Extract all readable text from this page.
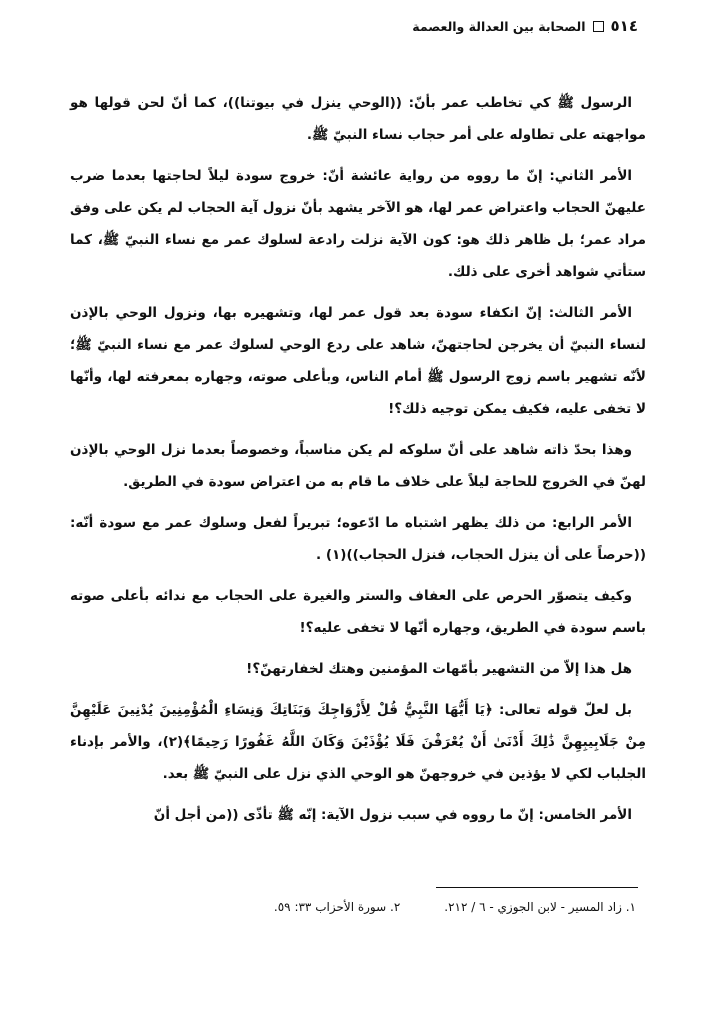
٥١٤
الصحابة بين العدالة والعصمة

الرسول ﷺ كي تخاطب عمر بأنّ: ((الوحي ينزل في بيوتنا))، كما أنّ لحن قولها هو مواجهته على تطاوله على أمر حجاب نساء النبيّ ﷺ.

الأمر الثاني: إنّ ما رووه من رواية عائشة أنّ: خروج سودة ليلاً لحاجتها بعدما ضرب عليهنّ الحجاب واعتراض عمر لها، هو الآخر يشهد بأنّ نزول آية الحجاب لم يكن على وفق مراد عمر؛ بل ظاهر ذلك هو: كون الآية نزلت رادعة لسلوك عمر مع نساء النبيّ ﷺ، كما ستأتي شواهد أخرى على ذلك.

الأمر الثالث: إنّ انكفاء سودة بعد قول عمر لها، وتشهيره بها، ونزول الوحي بالإذن لنساء النبيّ أن يخرجن لحاجتهنّ، شاهد على ردع الوحي لسلوك عمر مع نساء النبيّ ﷺ؛ لأنّه تشهير باسم زوج الرسول ﷺ أمام الناس، وبأعلى صوته، وجهاره بمعرفته لها، وأنّها لا تخفى عليه، فكيف يمكن توجيه ذلك؟!

وهذا بحدّ ذاته شاهد على أنّ سلوكه لم يكن مناسباً، وخصوصاً بعدما نزل الوحي بالإذن لهنّ في الخروج للحاجة ليلاً على خلاف ما قام به من اعتراض سودة في الطريق.

الأمر الرابع: من ذلك يظهر اشتباه ما ادّعوه؛ تبريراً لفعل وسلوك عمر مع سودة أنّه: ((حرصاً على أن ينزل الحجاب، فنزل الحجاب))(١) .

وكيف يتصوّر الحرص على العفاف والستر والغيرة على الحجاب مع ندائه بأعلى صوته باسم سودة في الطريق، وجهاره أنّها لا تخفى عليه؟!

هل هذا إلاّ من التشهير بأمّهات المؤمنين وهتك لخفارتهنّ؟!

بل لعلّ قوله تعالى: ﴿يَا أَيُّهَا النَّبِيُّ قُلْ لِأَزْوَاجِكَ وَبَنَاتِكَ وَنِسَاءِ الْمُؤْمِنِينَ يُدْنِينَ عَلَيْهِنَّ مِنْ جَلَابِيبِهِنَّ ذَٰلِكَ أَدْنَىٰ أَنْ يُعْرَفْنَ فَلَا يُؤْذَيْنَ وَكَانَ اللَّهُ غَفُورًا رَحِيمًا﴾(٢)، والأمر بإدناء الجلباب لكي لا يؤذين في خروجهنّ هو الوحي الذي نزل على النبيّ ﷺ بعد.

الأمر الخامس: إنّ ما رووه في سبب نزول الآية: إنّه ﷺ تأذّى ((من أجل أنّ

١. زاد المسير - لابن الجوزي - ٦ / ٢١٢.
٢. سورة الأحزاب ٣٣: ٥٩.
